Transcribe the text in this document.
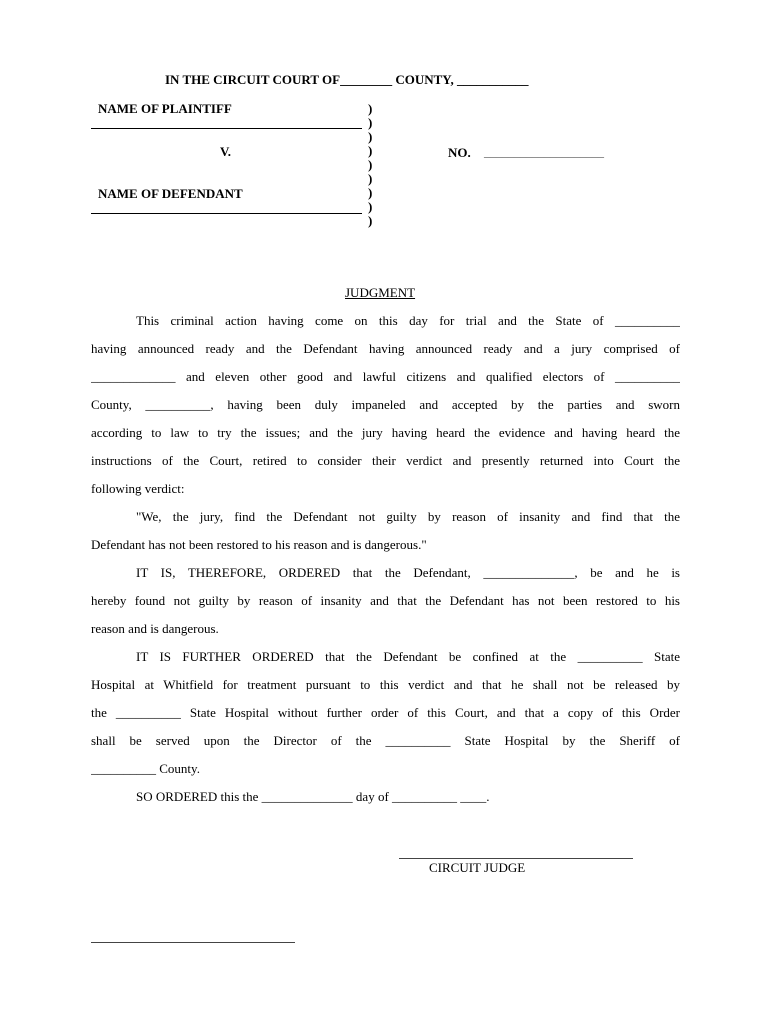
IN THE CIRCUIT COURT OF________ COUNTY, ___________
NAME OF PLAINTIFF
V.	NO. ____________________
NAME OF DEFENDANT
)
)
)
)
)
)
)
)
)
JUDGMENT
This criminal action having come on this day for trial and the State of __________
having announced ready and the Defendant having announced ready and a jury comprised of
_____________ and eleven other good and lawful citizens and qualified electors of __________
County, __________, having been duly impaneled and accepted by the parties and sworn
according to law to try the issues; and the jury having heard the evidence and having heard the
instructions of the Court, retired to consider their verdict and presently returned into Court the
following verdict:
"We, the jury, find the Defendant not guilty by reason of insanity and find that the
Defendant has not been restored to his reason and is dangerous."
IT IS, THEREFORE, ORDERED that the Defendant, ______________, be and he is
hereby found not guilty by reason of insanity and that the Defendant has not been restored to his
reason and is dangerous.
IT IS FURTHER ORDERED that the Defendant be confined at the __________ State
Hospital at Whitfield for treatment pursuant to this verdict and that he shall not be released by
the __________ State Hospital without further order of this Court, and that a copy of this Order
shall be served upon the Director of the __________ State Hospital by the Sheriff of
__________ County.
SO ORDERED this the ______________ day of __________ ____.
CIRCUIT JUDGE
